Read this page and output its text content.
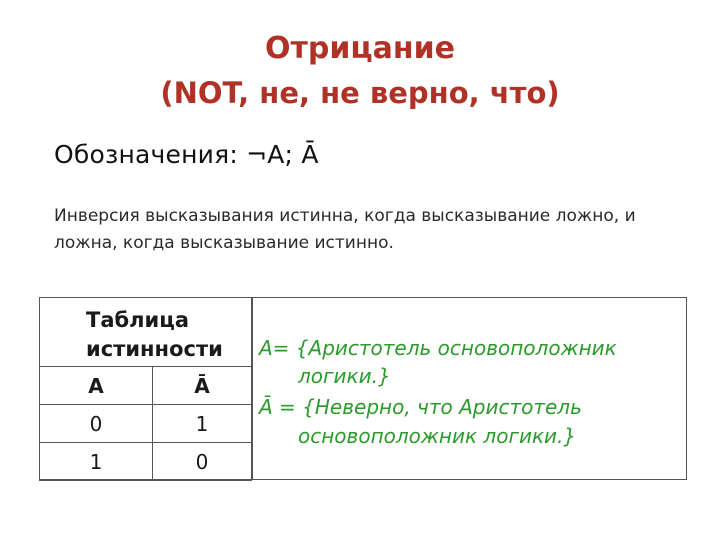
Отрицание
(NOT, не, не верно, что)
Обозначения: ¬A; Ā
Инверсия высказывания истинна, когда высказывание ложно, и ложна, когда высказывание истинно.
Таблица
истинности
A	Ā
0	1
1	0
A= {Аристотель основоположник
логики.}
Ā = {Неверно, что Аристотель
основоположник логики.}
